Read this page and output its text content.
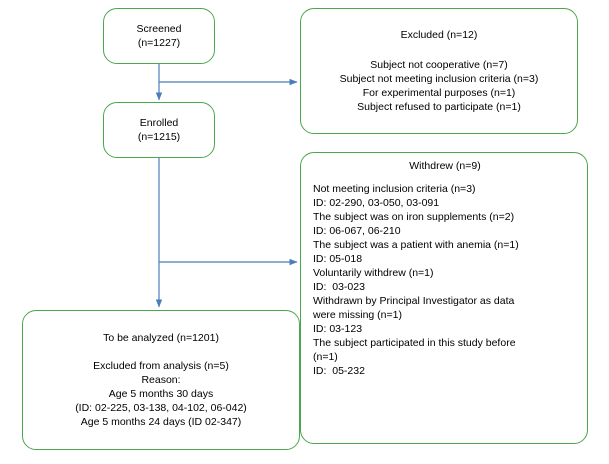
Screened
(n=1227)
Excluded (n=12)
Subject not cooperative (n=7)
Subject not meeting inclusion criteria (n=3)
For experimental purposes (n=1)
Subject refused to participate (n=1)
Enrolled
(n=1215)
Withdrew (n=9)
Not meeting inclusion criteria (n=3)
ID: 02-290, 03-050, 03-091
The subject was on iron supplements (n=2)
ID: 06-067, 06-210
The subject was a patient with anemia (n=1)
ID: 05-018
Voluntarily withdrew (n=1)
ID:  03-023
Withdrawn by Principal Investigator as data
were missing (n=1)
ID: 03-123
The subject participated in this study before
(n=1)
ID:  05-232
To be analyzed (n=1201)
Excluded from analysis (n=5)
Reason:
Age 5 months 30 days
(ID: 02-225, 03-138, 04-102, 06-042)
Age 5 months 24 days (ID 02-347)
